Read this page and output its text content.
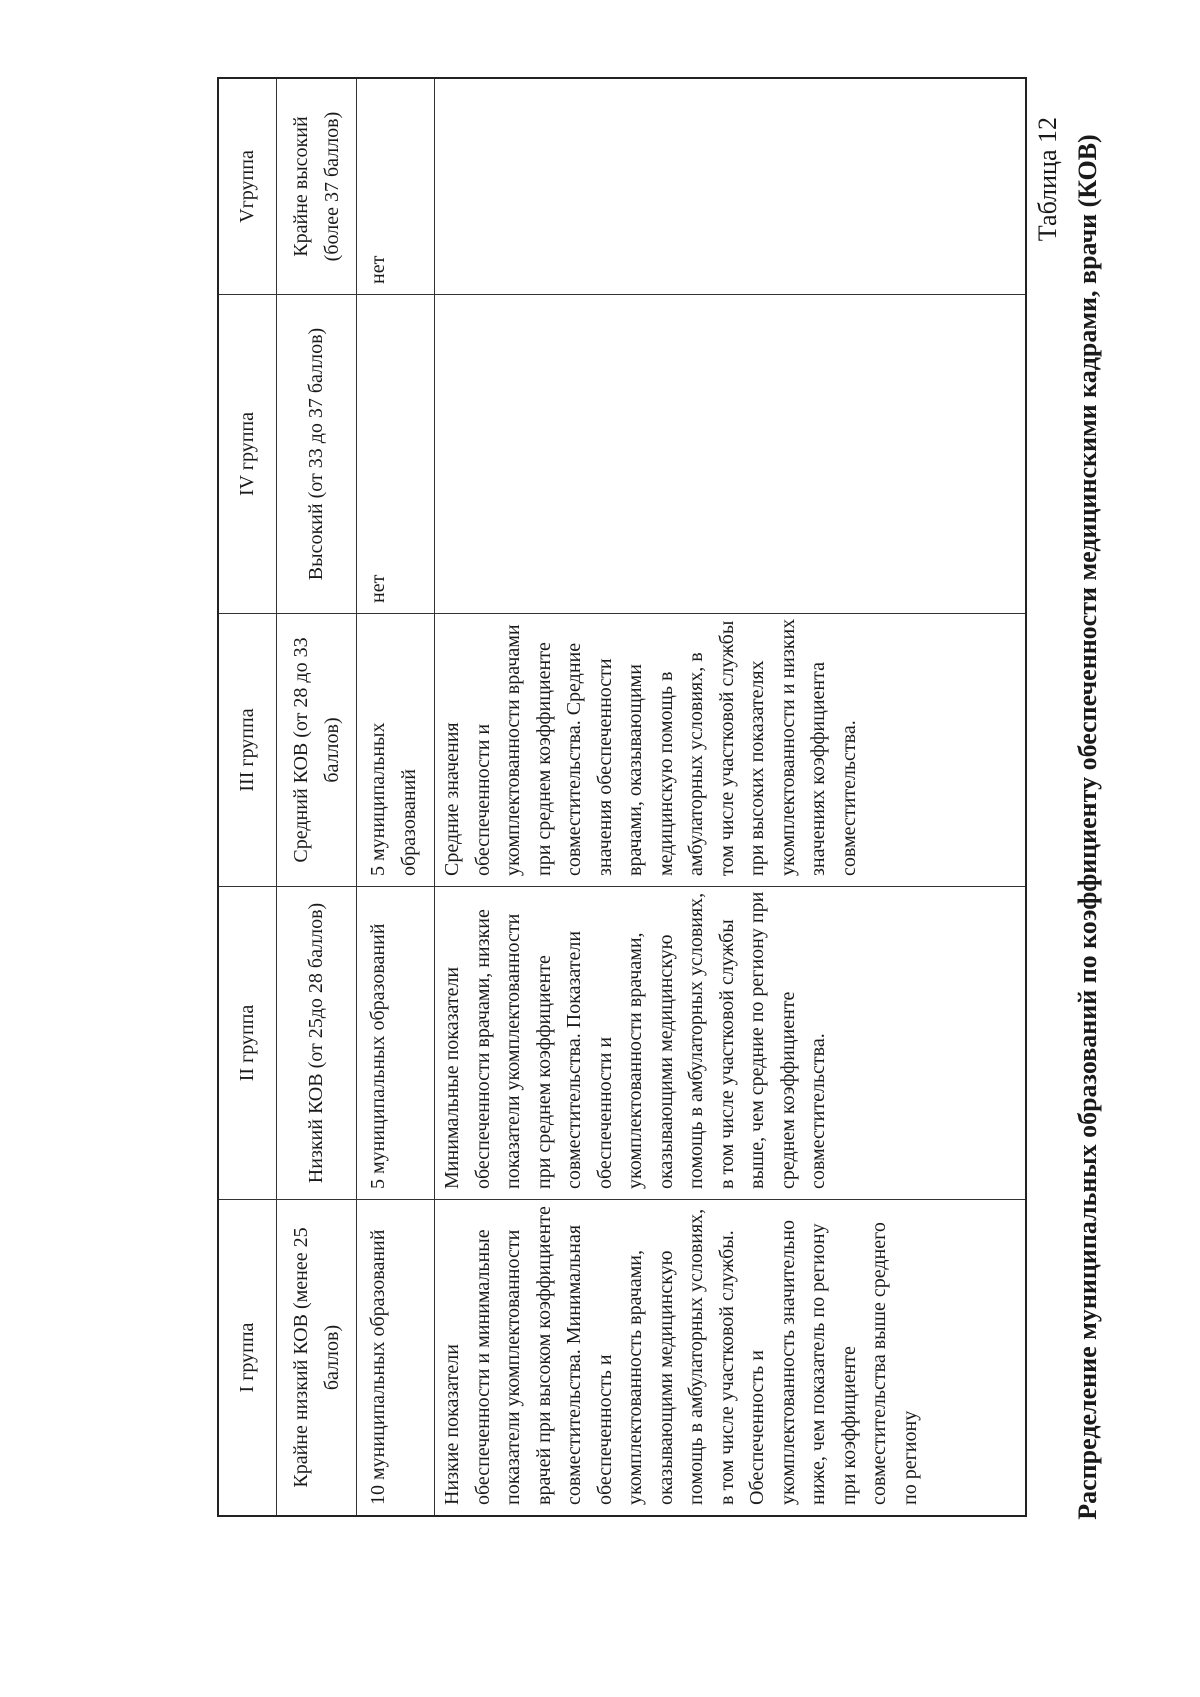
Таблица 12 Распределение муниципальных образований по коэффициенту обеспеченности медицинскими кадрами, врачи (КОВ)
I группа
II группа
III группа
IV группа
Vгруппа
Крайне низкий КОВ (менее 25 баллов)
Низкий КОВ (от 25до 28 баллов)
Средний КОВ (от 28 до 33 баллов)
Высокий (от 33 до 37 баллов)
Крайне высокий (более 37 баллов)
10 муниципальных образований
5 муниципальных образований
5 муниципальных образований
нет
нет
Низкие показатели обеспеченности и минимальные показатели укомплектованности врачей при высоком коэффициенте совместительства. Минимальная обеспеченность и укомплектованность врачами, оказывающими медицинскую помощь в амбулаторных условиях, в том числе участковой службы. Обеспеченность и укомплектованность значительно ниже, чем показатель по региону при коэффициенте совместительства выше среднего по региону
Минимальные показатели обеспеченности врачами, низкие показатели укомплектованности при среднем коэффициенте совместительства. Показатели обеспеченности и укомплектованности врачами, оказывающими медицинскую помощь в амбулаторных условиях, в том числе участковой службы выше, чем средние по региону при среднем коэффициенте совместительства.
Средние значения обеспеченности и укомплектованности врачами при среднем коэффициенте совместительства. Средние значения обеспеченности врачами, оказывающими медицинскую помощь в амбулаторных условиях, в том числе участковой службы при высоких показателях укомплектованности и низких значениях коэффициента совместительства.
